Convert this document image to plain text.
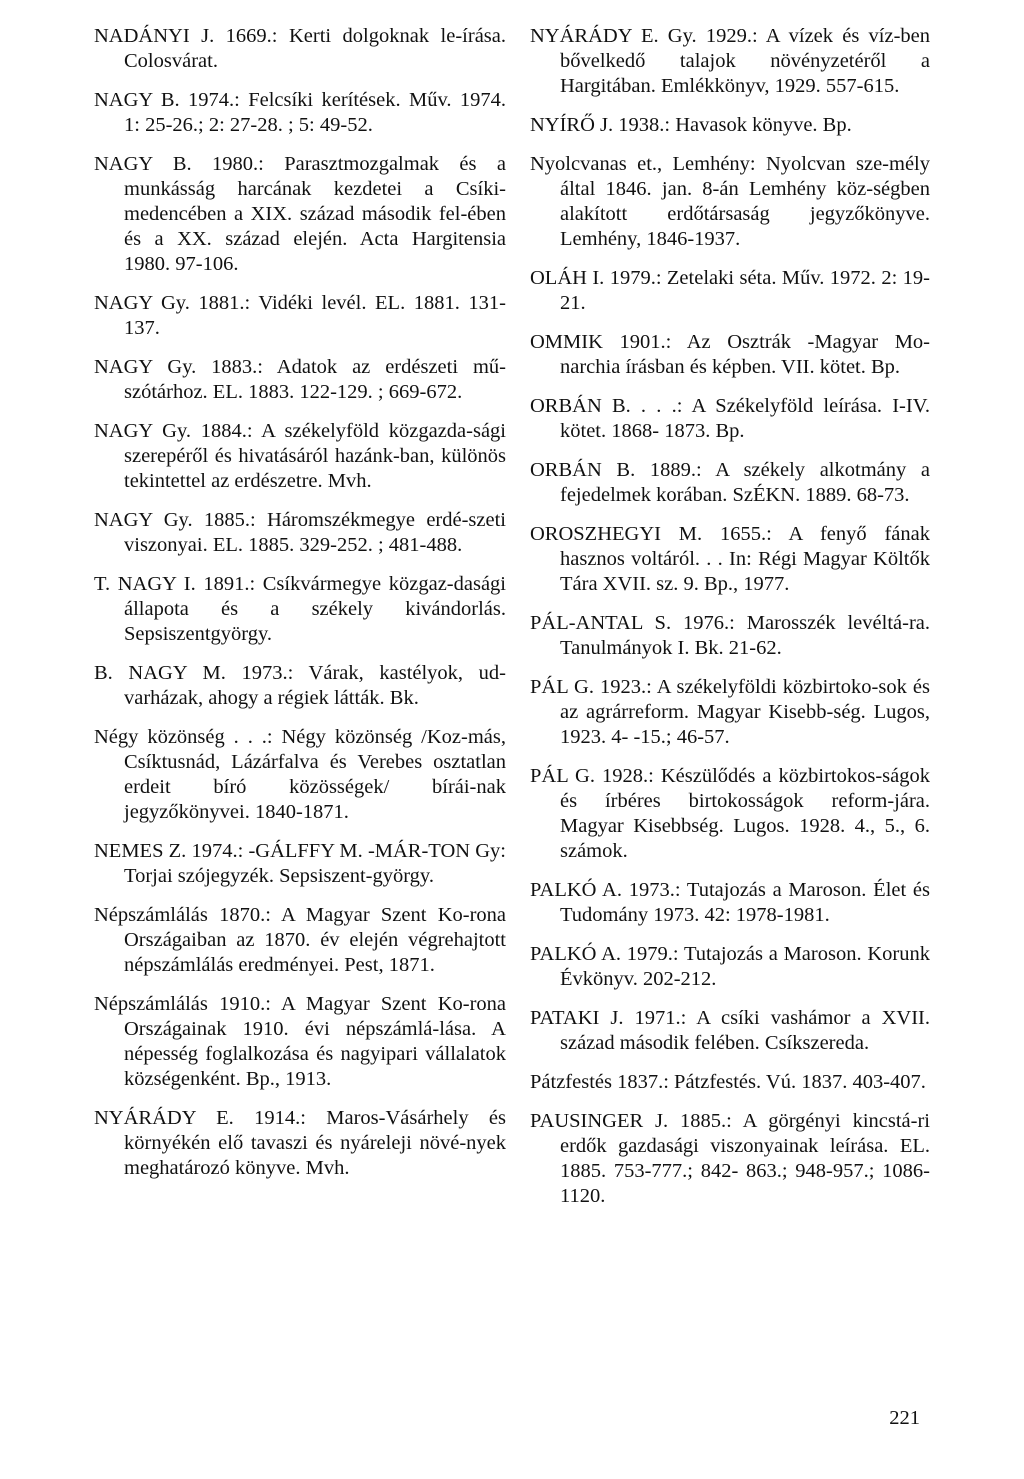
NADÁNYI J. 1669.: Kerti dolgoknak le-írása. Colosvárat.

NAGY B. 1974.: Felcsíki kerítések. Műv. 1974. 1: 25-26.; 2: 27-28. ; 5: 49-52.

NAGY B. 1980.: Parasztmozgalmak és a munkásság harcának kezdetei a Csíki-medencében a XIX. század második fel-ében és a XX. század elején. Acta Hargitensia 1980. 97-106.

NAGY Gy. 1881.: Vidéki levél. EL. 1881. 131-137.

NAGY Gy. 1883.: Adatok az erdészeti mű-szótárhoz. EL. 1883. 122-129. ; 669-672.

NAGY Gy. 1884.: A székelyföld közgazda-sági szerepéről és hivatásáról hazánk-ban, különös tekintettel az erdészetre. Mvh.

NAGY Gy. 1885.: Háromszékmegye erdé-szeti viszonyai. EL. 1885. 329-252. ; 481-488.

T. NAGY I. 1891.: Csíkvármegye közgaz-dasági állapota és a székely kivándorlás. Sepsiszentgyörgy.

B. NAGY M. 1973.: Várak, kastélyok, ud-varházak, ahogy a régiek látták. Bk.

Négy közönség . . .: Négy közönség /Koz-más, Csíktusnád, Lázárfalva és Verebes osztatlan erdeit bíró közösségek/ bírái-nak jegyzőkönyvei. 1840-1871.

NEMES Z. 1974.: -GÁLFFY M. -MÁR-TON Gy: Torjai szójegyzék. Sepsiszent-györgy.

Népszámlálás 1870.: A Magyar Szent Ko-rona Országaiban az 1870. év elején végrehajtott népszámlálás eredményei. Pest, 1871.

Népszámlálás 1910.: A Magyar Szent Ko-rona Országainak 1910. évi népszámlá-lása. A népesség foglalkozása és nagyipari vállalatok községenként. Bp., 1913.

NYÁRÁDY E. 1914.: Maros-Vásárhely és környékén elő tavaszi és nyáreleji növé-nyek meghatározó könyve. Mvh.

NYÁRÁDY E. Gy. 1929.: A vízek és víz-ben bővelkedő talajok növényzetéről a Hargitában. Emlékkönyv, 1929. 557-615.

NYÍRŐ J. 1938.: Havasok könyve. Bp.

Nyolcvanas et., Lemhény: Nyolcvan sze-mély által 1846. jan. 8-án Lemhény köz-ségben alakított erdőtársaság jegyzőkönyve. Lemhény, 1846-1937.

OLÁH I. 1979.: Zetelaki séta. Műv. 1972. 2: 19-21.

OMMIK 1901.: Az Osztrák -Magyar Mo-narchia írásban és képben. VII. kötet. Bp.

ORBÁN B. . . .: A Székelyföld leírása. I-IV. kötet. 1868- 1873. Bp.

ORBÁN B. 1889.: A székely alkotmány a fejedelmek korában. SzÉKN. 1889. 68-73.

OROSZHEGYI M. 1655.: A fenyő fának hasznos voltáról. . . In: Régi Magyar Költők Tára XVII. sz. 9. Bp., 1977.

PÁL-ANTAL S. 1976.: Marosszék levéltá-ra. Tanulmányok I. Bk. 21-62.

PÁL G. 1923.: A székelyföldi közbirtoko-sok és az agrárreform. Magyar Kisebb-ség. Lugos, 1923. 4- -15.; 46-57.

PÁL G. 1928.: Készülődés a közbirtokos-ságok és írbéres birtokosságok reform-jára. Magyar Kisebbség. Lugos. 1928. 4., 5., 6. számok.

PALKÓ A. 1973.: Tutajozás a Maroson. Élet és Tudomány 1973. 42: 1978-1981.

PALKÓ A. 1979.: Tutajozás a Maroson. Korunk Évkönyv. 202-212.

PATAKI J. 1971.: A csíki vashámor a XVII. század második felében. Csíkszereda.

Pátzfestés 1837.: Pátzfestés. Vú. 1837. 403-407.

PAUSINGER J. 1885.: A görgényi kincstá-ri erdők gazdasági viszonyainak leírása. EL. 1885. 753-777.; 842- 863.; 948-957.; 1086-1120.

221
